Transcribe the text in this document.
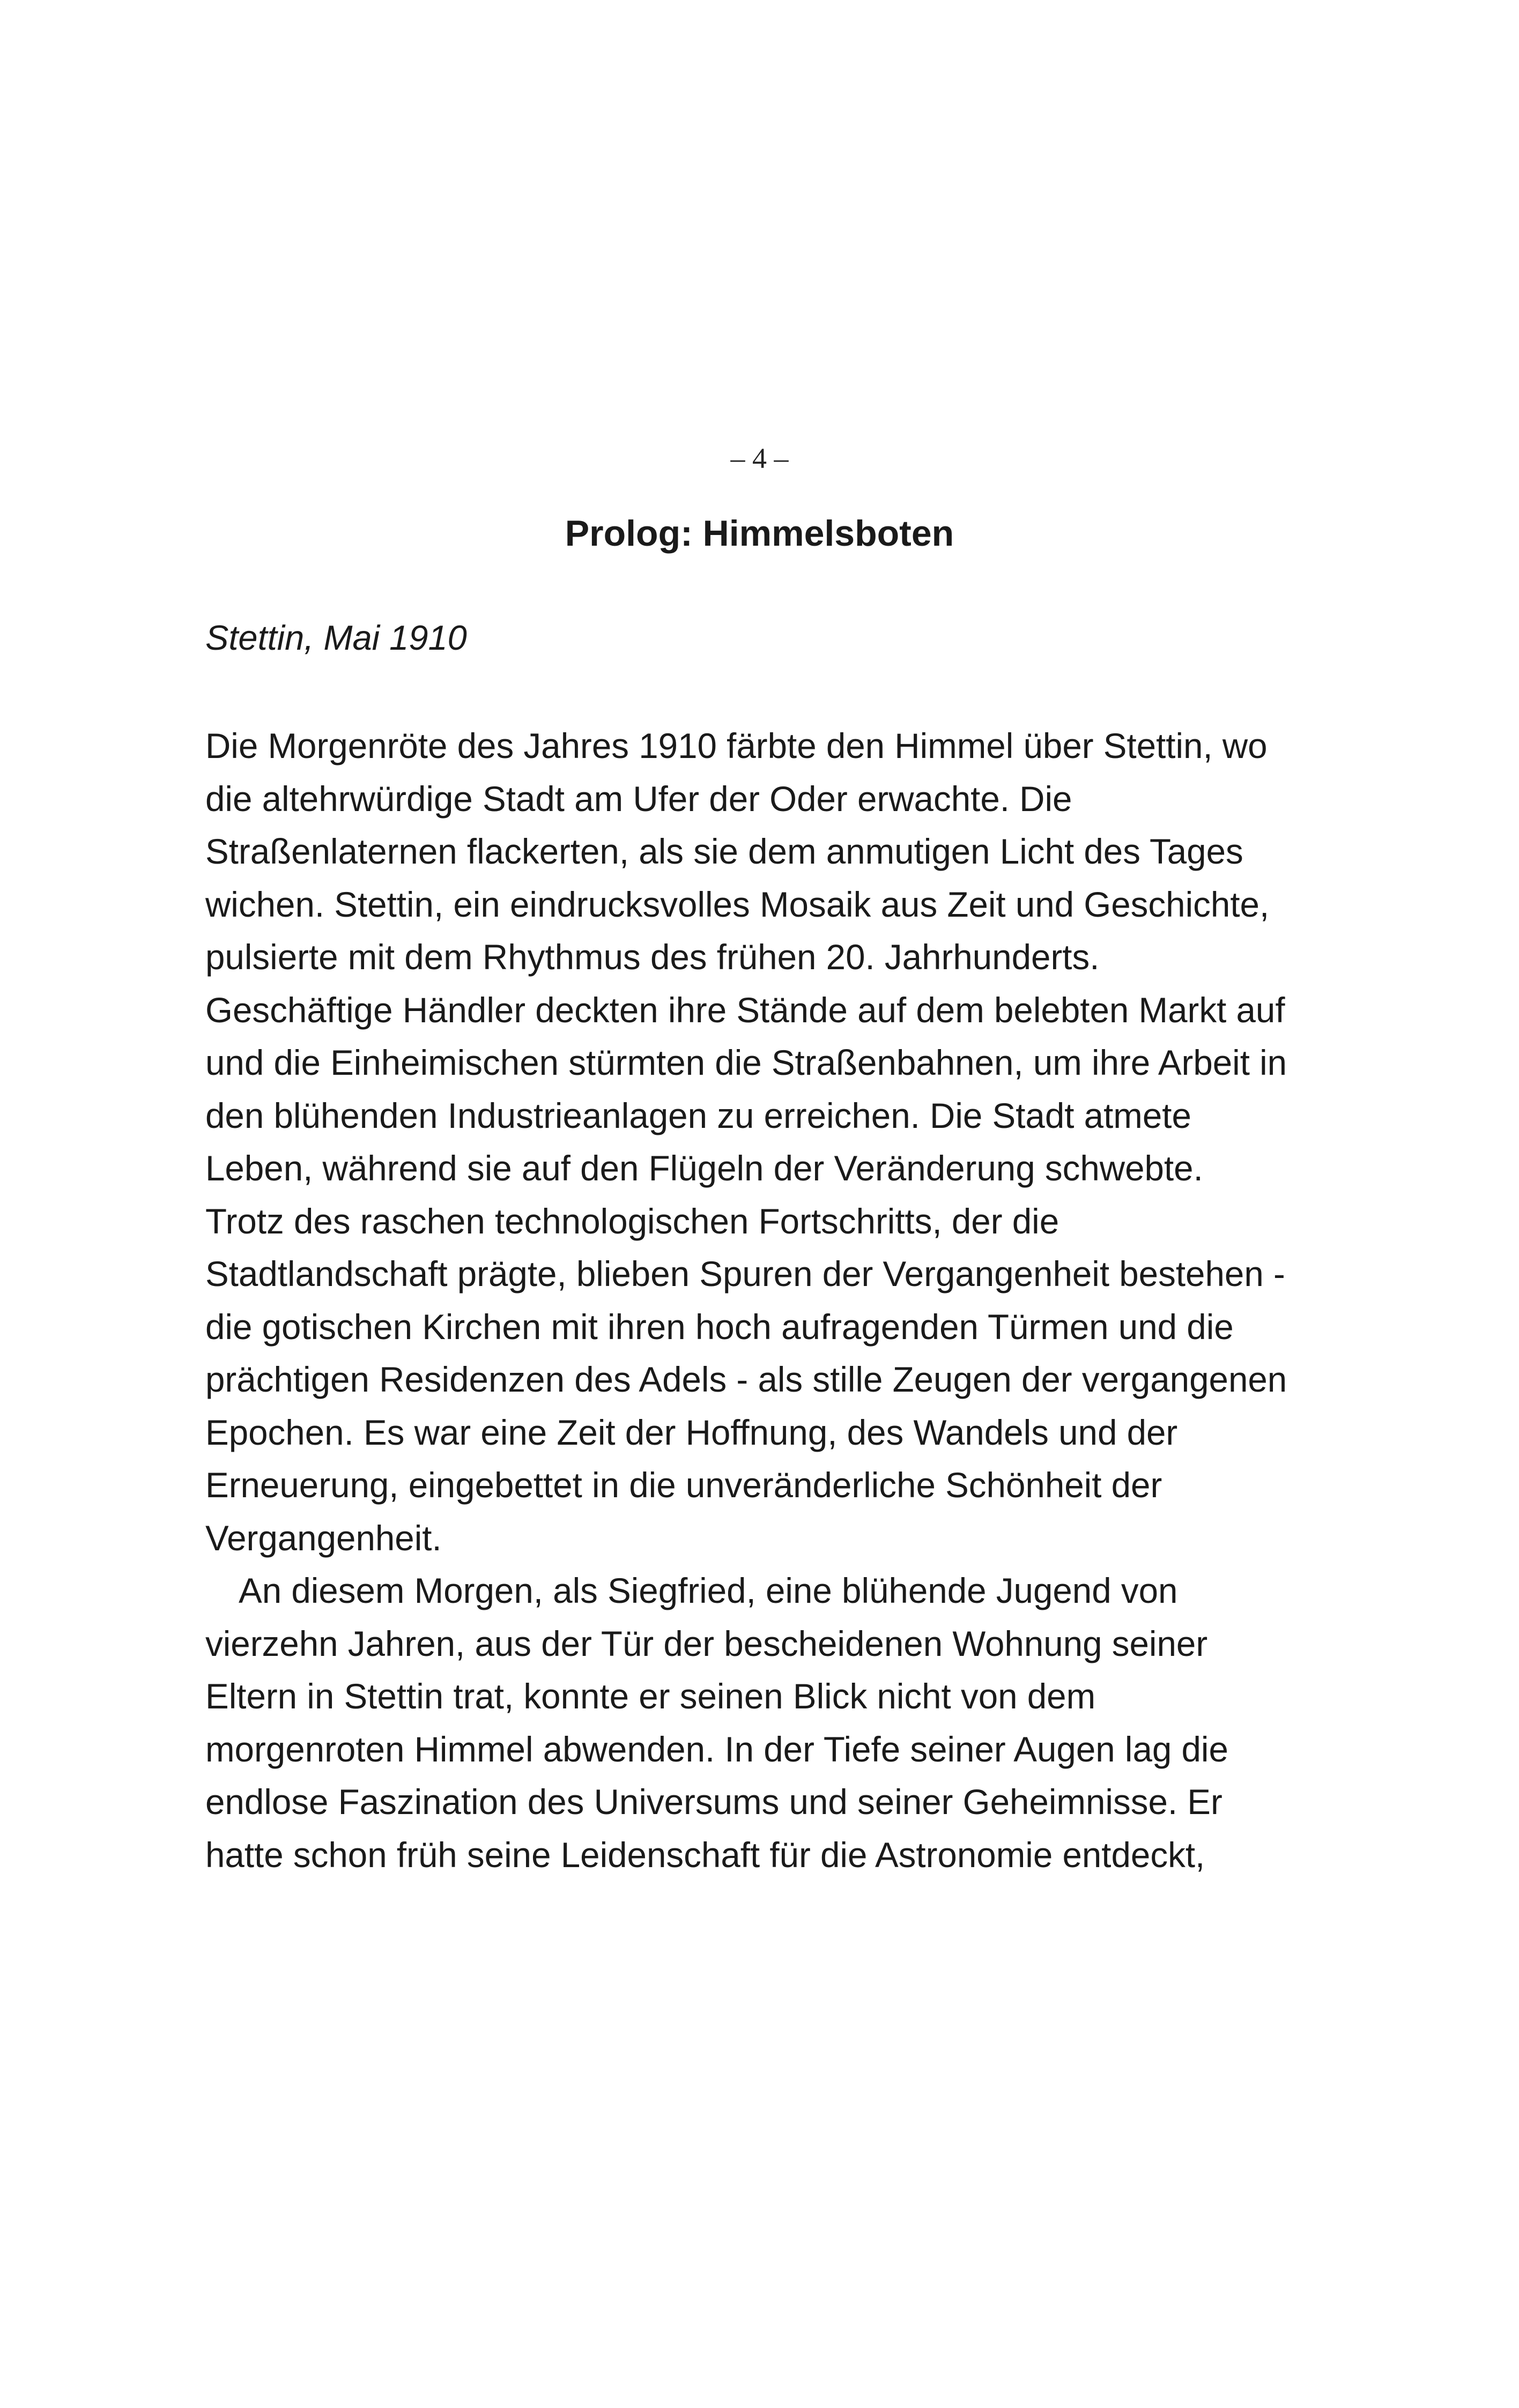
– 4 –
Prolog: Himmelsboten

Stettin, Mai 1910

Die Morgenröte des Jahres 1910 färbte den Himmel über Stettin, wo
die altehrwürdige Stadt am Ufer der Oder erwachte. Die
Straßenlaternen flackerten, als sie dem anmutigen Licht des Tages
wichen. Stettin, ein eindrucksvolles Mosaik aus Zeit und Geschichte,
pulsierte mit dem Rhythmus des frühen 20. Jahrhunderts.
Geschäftige Händler deckten ihre Stände auf dem belebten Markt auf
und die Einheimischen stürmten die Straßenbahnen, um ihre Arbeit in
den blühenden Industrieanlagen zu erreichen. Die Stadt atmete
Leben, während sie auf den Flügeln der Veränderung schwebte.
Trotz des raschen technologischen Fortschritts, der die
Stadtlandschaft prägte, blieben Spuren der Vergangenheit bestehen -
die gotischen Kirchen mit ihren hoch aufragenden Türmen und die
prächtigen Residenzen des Adels - als stille Zeugen der vergangenen
Epochen. Es war eine Zeit der Hoffnung, des Wandels und der
Erneuerung, eingebettet in die unveränderliche Schönheit der
Vergangenheit.

An diesem Morgen, als Siegfried, eine blühende Jugend von
vierzehn Jahren, aus der Tür der bescheidenen Wohnung seiner
Eltern in Stettin trat, konnte er seinen Blick nicht von dem
morgenroten Himmel abwenden. In der Tiefe seiner Augen lag die
endlose Faszination des Universums und seiner Geheimnisse. Er
hatte schon früh seine Leidenschaft für die Astronomie entdeckt,
